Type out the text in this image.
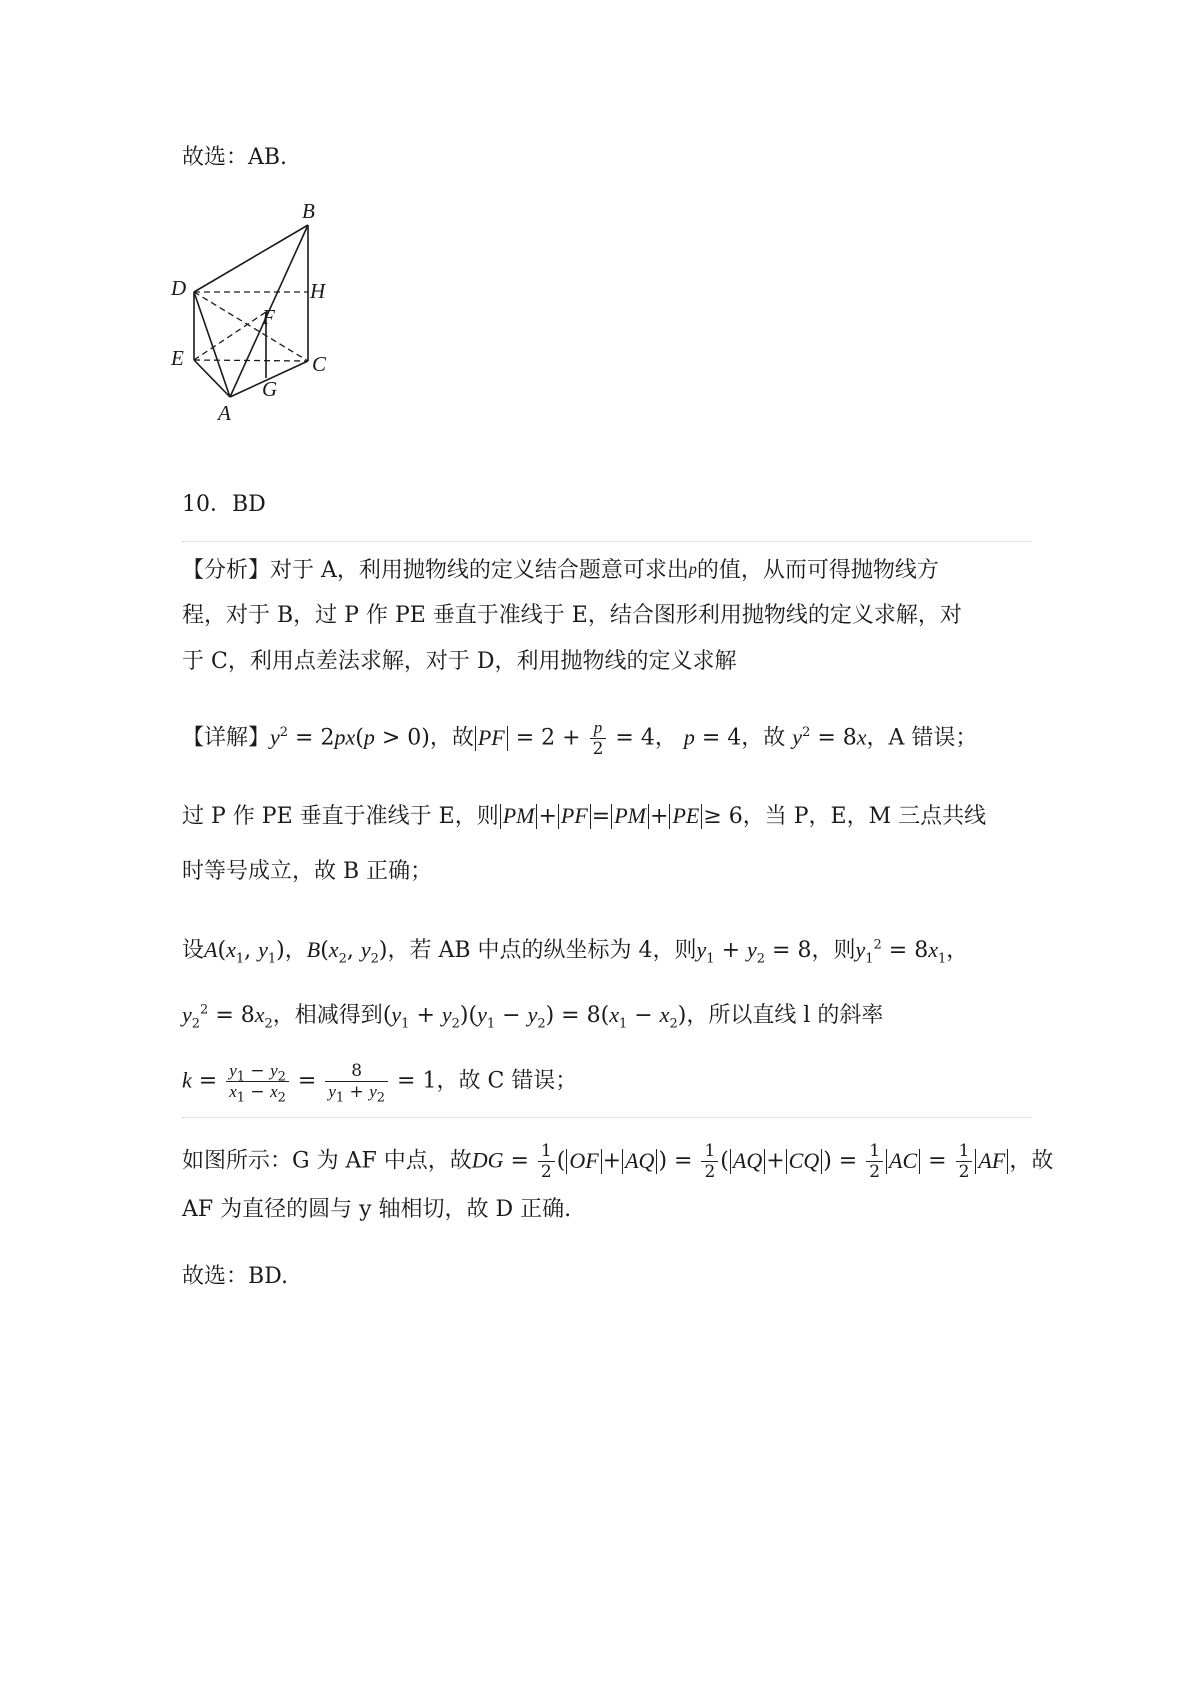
故选：AB.
B
D	H
F
E	C
G
A
10．BD
【分析】对于 A，利用抛物线的定义结合题意可求出p的值，从而可得抛物线方
程，对于 B，过 P 作 PE 垂直于准线于 E，结合图形利用抛物线的定义求解，对
于 C，利用点差法求解，对于 D，利用抛物线的定义求解
【详解】$y^2 = 2px(p > 0)$，故 PF = $2 + \frac{p}{2} = 4$， p = 4，故 $y^2 = 8x$，A 错误；
过 P 作 PE 垂直于准线于 E，则 PM + PF = PM + PE ≥ 6，当 P，E，M 三点共线
时等号成立，故 B 正确；
设$A(x_1$, $y_1$)，$B(x_2$, $y_2$)，若 AB 中点的纵坐标为 4，则$y_1 + y_2 = 8$，则$y_1^2 = 8x_1$，
$y_2^2 = 8x_2$，相减得到$(y_1 + y_2)(y_1 - y_2) = 8(x_1 - x_2)$，所以直线 l 的斜率
$k = \frac{y_1 - y_2}{x_1 - x_2} = \frac{8}{y_1 + y_2} = 1$，故 C 错误；
如图所示：G 为 AF 中点，故DG = $\frac{1}{2}$ ( OF + AQ ) = $\frac{1}{2}$ ( AQ + CQ ) = $\frac{1}{2}$ AC = $\frac{1}{2}$ AF ，故
AF 为直径的圆与 y 轴相切，故 D 正确.
故选：BD.
